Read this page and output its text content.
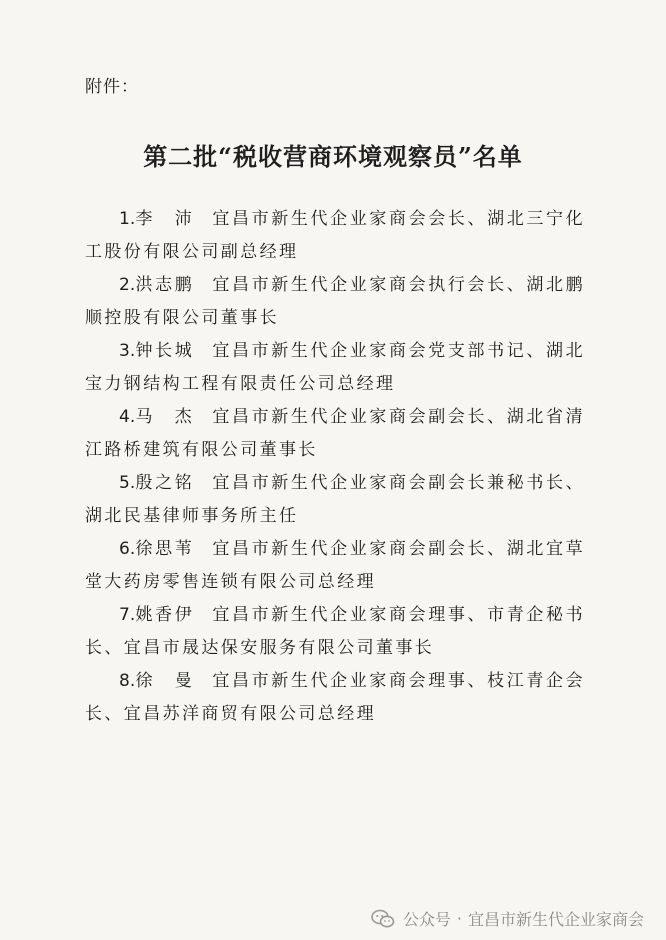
附件：
第二批“税收营商环境观察员”名单

1.李　沛 宜昌市新生代企业家商会会长、湖北三宁化工股份有限公司副总经理

2.洪志鹏 宜昌市新生代企业家商会执行会长、湖北鹏顺控股有限公司董事长

3.钟长城 宜昌市新生代企业家商会党支部书记、湖北宝力钢结构工程有限责任公司总经理

4.马　杰 宜昌市新生代企业家商会副会长、湖北省清江路桥建筑有限公司董事长

5.殷之铭 宜昌市新生代企业家商会副会长兼秘书长、湖北民基律师事务所主任

6.徐思苇 宜昌市新生代企业家商会副会长、湖北宜草堂大药房零售连锁有限公司总经理

7.姚香伊 宜昌市新生代企业家商会理事、市青企秘书长、宜昌市晟达保安服务有限公司董事长

8.徐　曼 宜昌市新生代企业家商会理事、枝江青企会长、宜昌苏洋商贸有限公司总经理

公众号 · 宜昌市新生代企业家商会
